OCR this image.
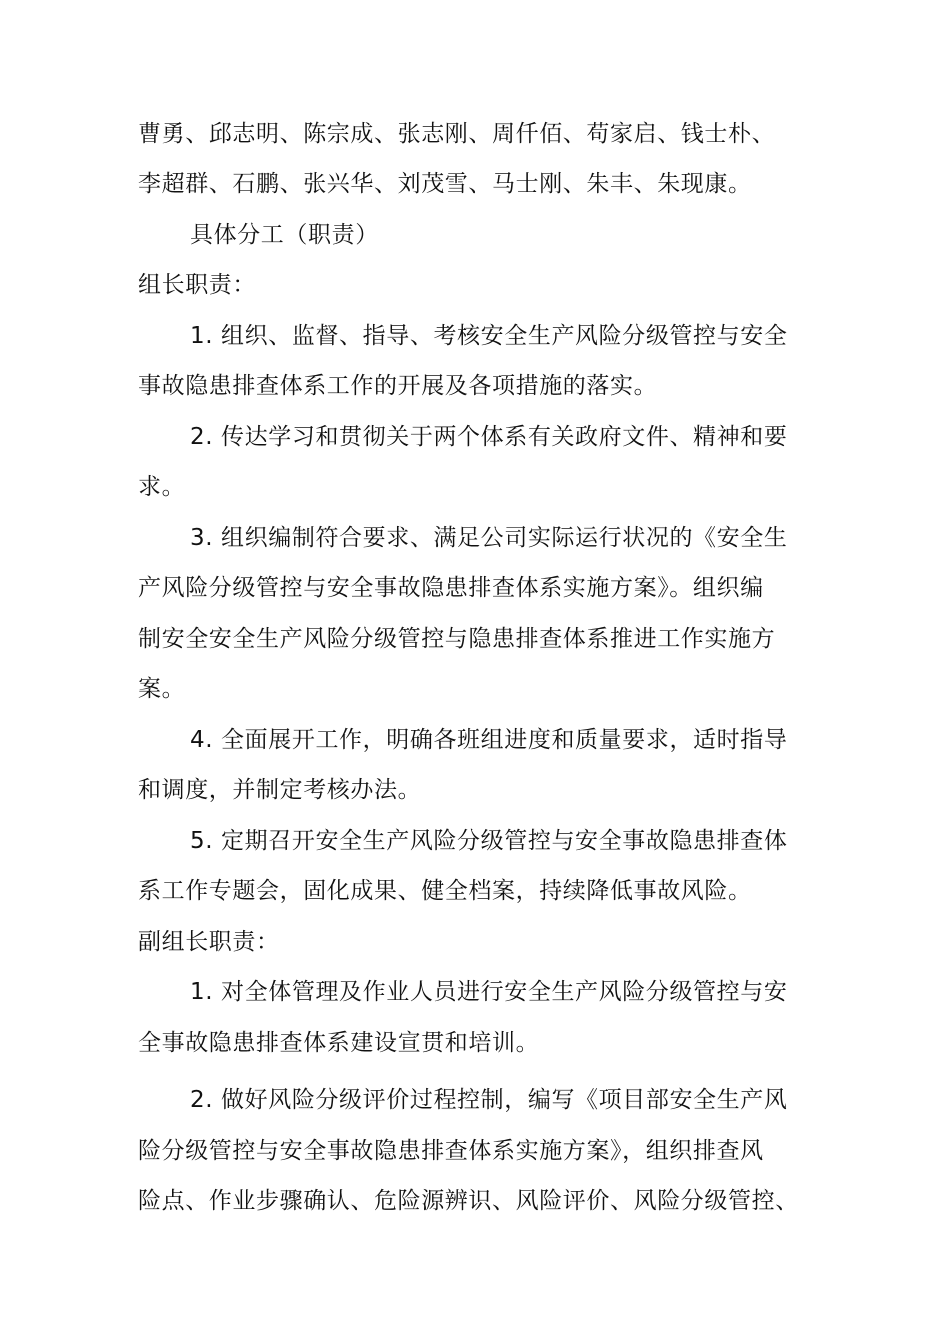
曹勇、邱志明、陈宗成、张志刚、周仟佰、苟家启、钱士朴、
李超群、石鹏、张兴华、刘茂雪、马士刚、朱丰、朱现康。
具体分工（职责）
组长职责：
1. 组织、监督、指导、考核安全生产风险分级管控与安全
事故隐患排查体系工作的开展及各项措施的落实。
2. 传达学习和贯彻关于两个体系有关政府文件、精神和要
求。
3. 组织编制符合要求、满足公司实际运行状况的《安全生
产风险分级管控与安全事故隐患排查体系实施方案》。组织编
制安全安全生产风险分级管控与隐患排查体系推进工作实施方
案。
4. 全面展开工作，明确各班组进度和质量要求，适时指导
和调度，并制定考核办法。
5. 定期召开安全生产风险分级管控与安全事故隐患排查体
系工作专题会，固化成果、健全档案，持续降低事故风险。
副组长职责：
1. 对全体管理及作业人员进行安全生产风险分级管控与安
全事故隐患排查体系建设宣贯和培训。
2. 做好风险分级评价过程控制，编写《项目部安全生产风
险分级管控与安全事故隐患排查体系实施方案》，组织排查风
险点、作业步骤确认、危险源辨识、风险评价、风险分级管控、
